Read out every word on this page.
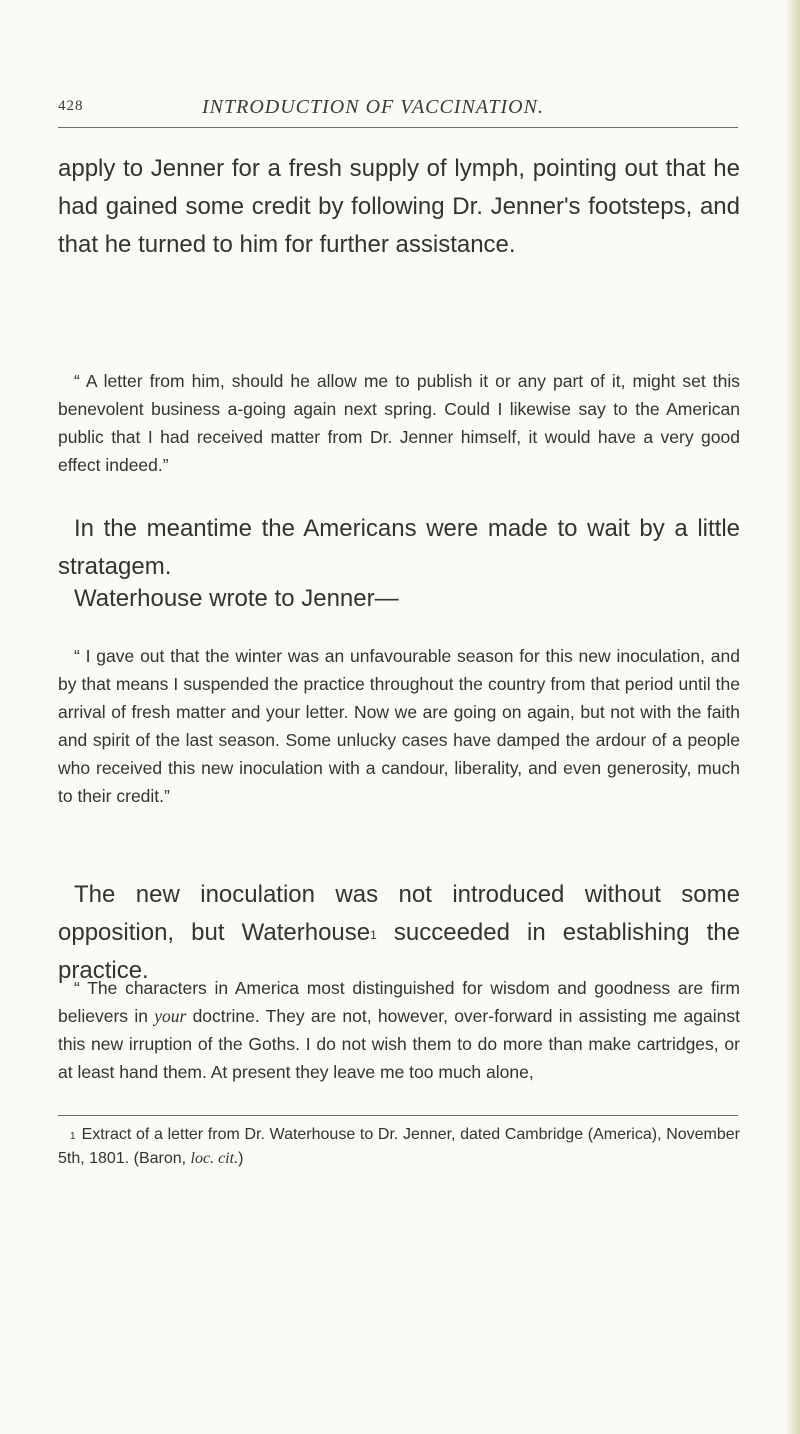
428	INTRODUCTION OF VACCINATION.

apply to Jenner for a fresh supply of lymph, pointing out that he had gained some credit by following Dr. Jenner's footsteps, and that he turned to him for further assistance.

“ A letter from him, should he allow me to publish it or any part of it, might set this benevolent business a-going again next spring. Could I likewise say to the American public that I had received matter from Dr. Jenner himself, it would have a very good effect indeed.”

In the meantime the Americans were made to wait by a little stratagem.

Waterhouse wrote to Jenner—

“ I gave out that the winter was an unfavourable season for this new inoculation, and by that means I suspended the practice throughout the country from that period until the arrival of fresh matter and your letter. Now we are going on again, but not with the faith and spirit of the last season. Some unlucky cases have damped the ardour of a people who received this new inoculation with a candour, liberality, and even generosity, much to their credit.”

The new inoculation was not introduced without some opposition, but Waterhouse$^1$ succeeded in establishing the practice.

“ The characters in America most distinguished for wisdom and goodness are firm believers in your doctrine. They are not, however, over-forward in assisting me against this new irruption of the Goths. I do not wish them to do more than make cartridges, or at least hand them. At present they leave me too much alone,

$^1$ Extract of a letter from Dr. Waterhouse to Dr. Jenner, dated Cambridge (America), November 5th, 1801. (Baron, loc. cit.)
